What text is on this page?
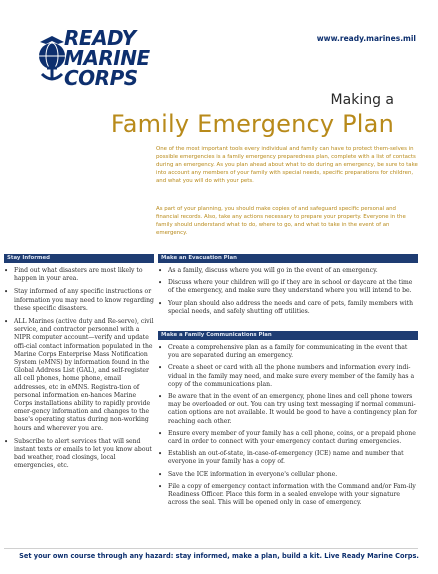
READY
MARINE
CORPS
www.ready.marines.mil
Making a
Family Emergency Plan

One of the most important tools every individual and family can have to protect them-selves in possible emergencies is a family emergency preparedness plan, complete with a list of contacts during an emergency. As you plan ahead about what to do during an emergency, be sure to take into account any members of your family with special needs, specific preparations for children, and what you will do with your pets.

As part of your planning, you should make copies of and safeguard specific personal and financial records. Also, take any actions necessary to prepare your property. Everyone in the family should understand what to do, where to go, and what to take in the event of an emergency.

Stay Informed
• Find out what disasters are most likely to happen in your area.
• Stay informed of any specific instructions or information you may need to know regarding these specific disasters.
• ALL Marines (active duty and Re-serve), civil service, and contractor personnel with a NIPR computer account—verify and update offi-cial contact information populated in the Marine Corps Enterprise Mass Notification System (eMNS) by information found in the Global Address List (GAL), and self-register all cell phones, home phone, email addresses, etc in eMNS. Registra-tion of personal information en-hances Marine Corps installations ability to rapidly provide emer-gency information and changes to the base's operating status during non-working hours and wherever you are.
• Subscribe to alert services that will send instant texts or emails to let you know about bad weather, road closings, local emergencies, etc.
Make an Evacuation Plan
• As a family, discuss where you will go in the event of an emergency.
• Discuss where your children will go if they are in school or daycare at the time of the emergency, and make sure they understand where you will intend to be.
• Your plan should also address the needs and care of pets, family members with special needs, and safely shutting off utilities.
Make a Family Communications Plan
• Create a comprehensive plan as a family for communicating in the event that you are separated during an emergency.
• Create a sheet or card with all the phone numbers and information every indi-vidual in the family may need, and make sure every member of the family has a copy of the communications plan.
• Be aware that in the event of an emergency, phone lines and cell phone towers may be overloaded or out. You can try using text messaging if normal communi-cation options are not available. It would be good to have a contingency plan for reaching each other.
• Ensure every member of your family has a cell phone, coins, or a prepaid phone card in order to connect with your emergency contact during emergencies.
• Establish an out-of-state, in-case-of-emergency (ICE) name and number that everyone in your family has a copy of.
• Save the ICE information in everyone's cellular phone.
• File a copy of emergency contact information with the Command and/or Fam-ily Readiness Officer. Place this form in a sealed envelope with your signature across the seal. This will be opened only in case of emergency.
Set your own course through any hazard: stay informed, make a plan, build a kit. Live Ready Marine Corps.
